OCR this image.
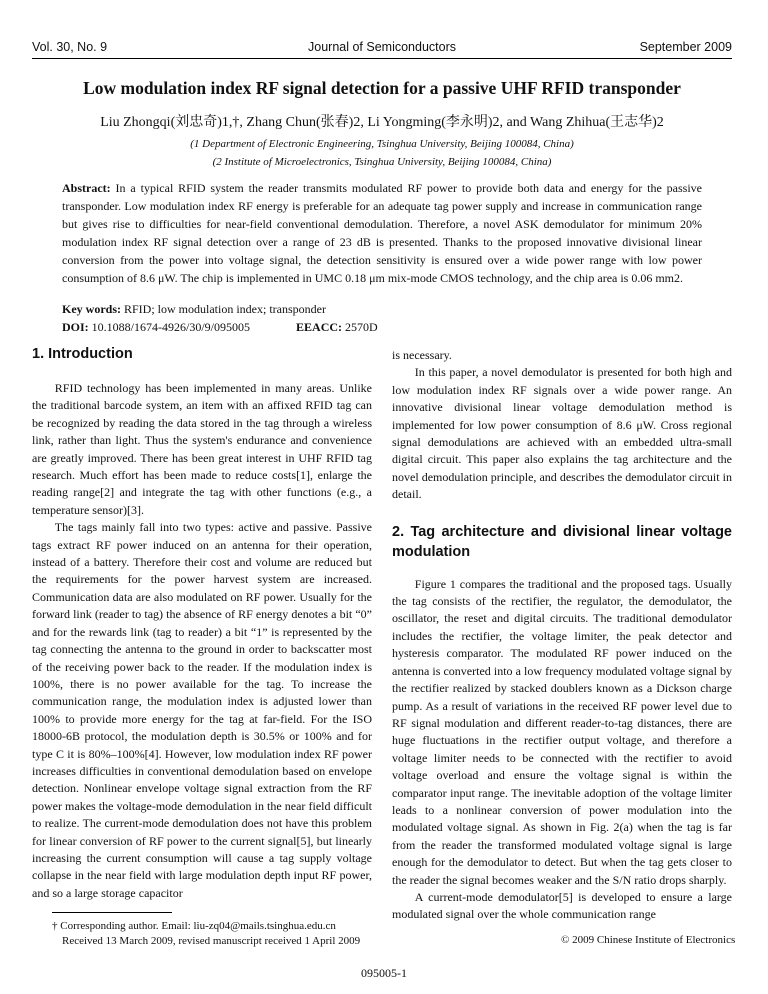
Vol. 30, No. 9	Journal of Semiconductors	September 2009
Low modulation index RF signal detection for a passive UHF RFID transponder
Liu Zhongqi(刘忠奇)1,†, Zhang Chun(张春)2, Li Yongming(李永明)2, and Wang Zhihua(王志华)2
(1 Department of Electronic Engineering, Tsinghua University, Beijing 100084, China)
(2 Institute of Microelectronics, Tsinghua University, Beijing 100084, China)
Abstract: In a typical RFID system the reader transmits modulated RF power to provide both data and energy for the passive transponder. Low modulation index RF energy is preferable for an adequate tag power supply and increase in communication range but gives rise to difficulties for near-field conventional demodulation. Therefore, a novel ASK demodulator for minimum 20% modulation index RF signal detection over a range of 23 dB is presented. Thanks to the proposed innovative divisional linear conversion from the power into voltage signal, the detection sensitivity is ensured over a wide power range with low power consumption of 8.6 μW. The chip is implemented in UMC 0.18 μm mix-mode CMOS technology, and the chip area is 0.06 mm2.
Key words: RFID; low modulation index; transponder
DOI: 10.1088/1674-4926/30/9/095005	EEACC: 2570D
1. Introduction

RFID technology has been implemented in many areas. Unlike the traditional barcode system, an item with an affixed RFID tag can be recognized by reading the data stored in the tag through a wireless link, rather than light. Thus the system's endurance and convenience are greatly improved. There has been great interest in UHF RFID tag research. Much effort has been made to reduce costs[1], enlarge the reading range[2] and integrate the tag with other functions (e.g., a temperature sensor)[3].

The tags mainly fall into two types: active and passive. Passive tags extract RF power induced on an antenna for their operation, instead of a battery. Therefore their cost and volume are reduced but the requirements for the power harvest system are increased. Communication data are also modulated on RF power. Usually for the forward link (reader to tag) the absence of RF energy denotes a bit “0” and for the rewards link (tag to reader) a bit “1” is represented by the tag connecting the antenna to the ground in order to backscatter most of the receiving power back to the reader. If the modulation index is 100%, there is no power available for the tag. To increase the communication range, the modulation index is adjusted lower than 100% to provide more energy for the tag at far-field. For the ISO 18000-6B protocol, the modulation depth is 30.5% or 100% and for type C it is 80%–100%[4]. However, low modulation index RF power increases difficulties in conventional demodulation based on envelope detection. Nonlinear envelope voltage signal extraction from the RF power makes the voltage-mode demodulation in the near field difficult to realize. The current-mode demodulation does not have this problem for linear conversion of RF power to the current signal[5], but linearly increasing the current consumption will cause a tag supply voltage collapse in the near field with large modulation depth input RF power, and so a large storage capacitor

is necessary.

In this paper, a novel demodulator is presented for both high and low modulation index RF signals over a wide power range. An innovative divisional linear voltage demodulation method is implemented for low power consumption of 8.6 μW. Cross regional signal demodulations are achieved with an embedded ultra-small digital circuit. This paper also explains the tag architecture and the novel demodulation principle, and describes the demodulator circuit in detail.

2. Tag architecture and divisional linear voltage modulation

Figure 1 compares the traditional and the proposed tags. Usually the tag consists of the rectifier, the regulator, the demodulator, the oscillator, the reset and digital circuits. The traditional demodulator includes the rectifier, the voltage limiter, the peak detector and hysteresis comparator. The modulated RF power induced on the antenna is converted into a low frequency modulated voltage signal by the rectifier realized by stacked doublers known as a Dickson charge pump. As a result of variations in the received RF power level due to RF signal modulation and different reader-to-tag distances, there are huge fluctuations in the rectifier output voltage, and therefore a voltage limiter needs to be connected with the rectifier to avoid voltage overload and ensure the voltage signal is within the comparator input range. The inevitable adoption of the voltage limiter leads to a nonlinear conversion of power modulation into the modulated voltage signal. As shown in Fig. 2(a) when the tag is far from the reader the transformed modulated voltage signal is large enough for the demodulator to detect. But when the tag gets closer to the reader the signal becomes weaker and the S/N ratio drops sharply.

A current-mode demodulator[5] is developed to ensure a large modulated signal over the whole communication range

† Corresponding author. Email: liu-zq04@mails.tsinghua.edu.cn
Received 13 March 2009, revised manuscript received 1 April 2009	© 2009 Chinese Institute of Electronics
095005-1
